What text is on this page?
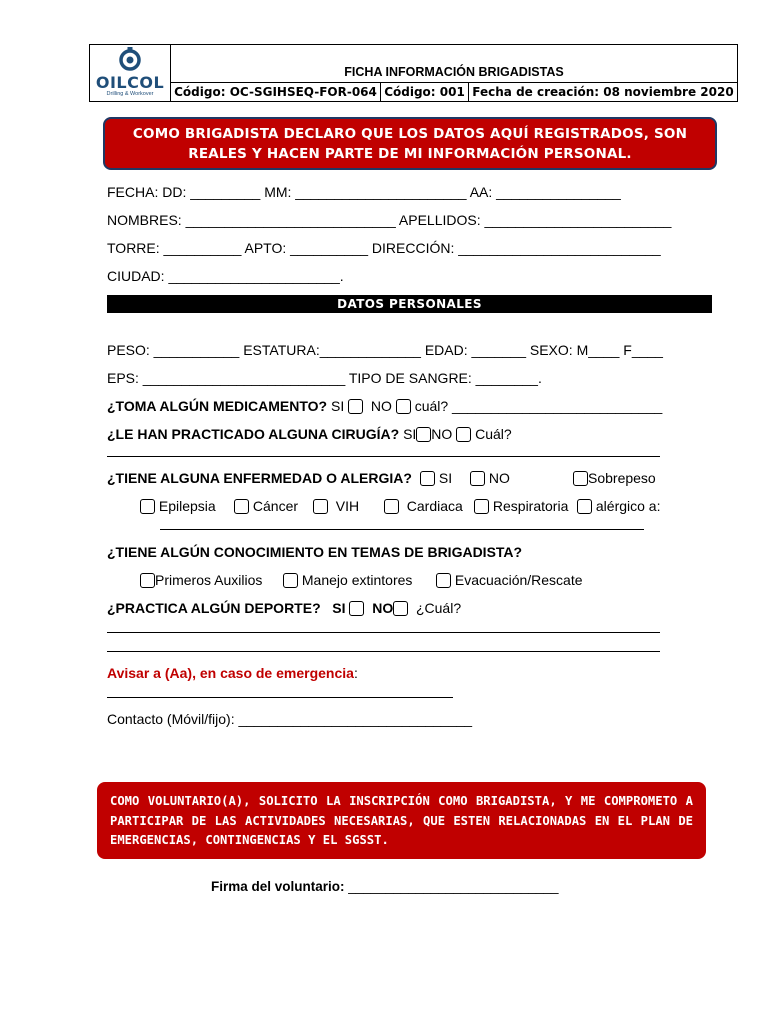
OILCOL
Drilling & Workover
FICHA INFORMACIÓN BRIGADISTAS
Código: OC-SGIHSEQ-FOR-064 Código: 001 Fecha de creación: 08 noviembre 2020
COMO BRIGADISTA DECLARO QUE LOS DATOS AQUÍ REGISTRADOS, SON
REALES Y HACEN PARTE DE MI INFORMACIÓN PERSONAL.
FECHA: DD: _________ MM: ______________________ AA: ________________
NOMBRES: ___________________________ APELLIDOS: ________________________
TORRE: __________ APTO: __________ DIRECCIÓN: __________________________
CIUDAD: ______________________.
DATOS PERSONALES
PESO: ___________ ESTATURA:_____________ EDAD: _______ SEXO: M____ F____
EPS: __________________________ TIPO DE SANGRE: ________.
¿TOMA ALGÚN MEDICAMENTO? SI NO cuál? ___________________________
¿LE HAN PRACTICADO ALGUNA CIRUGÍA? SI NO Cuál?
¿TIENE ALGUNA ENFERMEDAD O ALERGIA?	SI	NO	Sobrepeso
Epilepsia	Cáncer	VIH	Cardiaca	Respiratoria	alérgico a:
¿TIENE ALGÚN CONOCIMIENTO EN TEMAS DE BRIGADISTA?
Primeros Auxilios	Manejo extintores	Evacuación/Rescate
¿PRACTICA ALGÚN DEPORTE? SI NO ¿Cuál?
Avisar a (Aa), en caso de emergencia:
Contacto (Móvil/fijo): ______________________________
COMO VOLUNTARIO(A), SOLICITO LA INSCRIPCIÓN COMO BRIGADISTA, Y ME COMPROMETO A PARTICIPAR DE LAS ACTIVIDADES NECESARIAS, QUE ESTEN RELACIONADAS EN EL PLAN DE EMERGENCIAS, CONTINGENCIAS Y EL SGSST.
Firma del voluntario: ____________________________
